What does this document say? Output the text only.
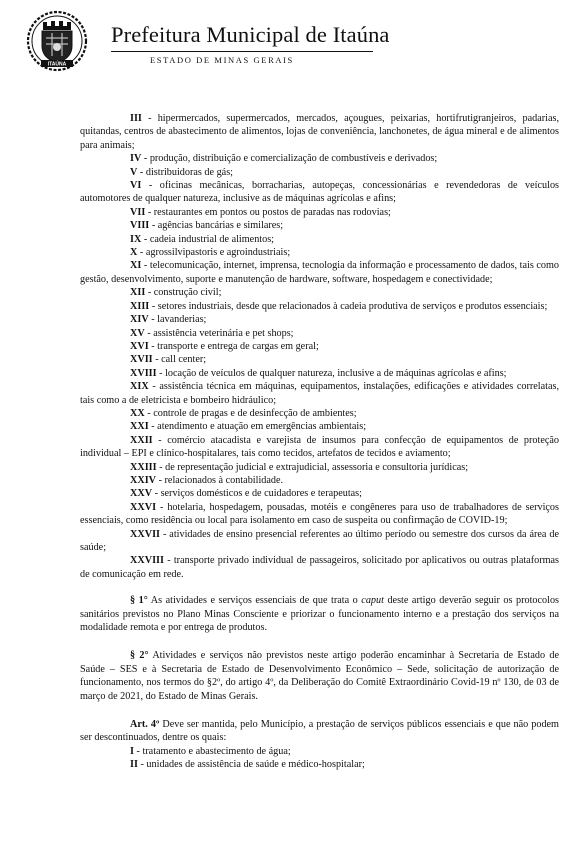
ITAÚNA
Prefeitura Municipal de Itaúna
ESTADO DE MINAS GERAIS

III - hipermercados, supermercados, mercados, açougues, peixarias, hortifrutigranjeiros, padarias, quitandas, centros de abastecimento de alimentos, lojas de conveniência, lanchonetes, de água mineral e de alimentos para animais;

IV - produção, distribuição e comercialização de combustíveis e derivados;

V - distribuidoras de gás;

VI - oficinas mecânicas, borracharias, autopeças, concessionárias e revendedoras de veículos automotores de qualquer natureza, inclusive as de máquinas agrícolas e afins;

VII - restaurantes em pontos ou postos de paradas nas rodovias;

VIII - agências bancárias e similares;

IX - cadeia industrial de alimentos;

X - agrossilvipastoris e agroindustriais;

XI - telecomunicação, internet, imprensa, tecnologia da informação e processamento de dados, tais como gestão, desenvolvimento, suporte e manutenção de hardware, software, hospedagem e conectividade;

XII - construção civil;

XIII - setores industriais, desde que relacionados à cadeia produtiva de serviços e produtos essenciais;

XIV - lavanderias;

XV - assistência veterinária e pet shops;

XVI - transporte e entrega de cargas em geral;

XVII - call center;

XVIII - locação de veículos de qualquer natureza, inclusive a de máquinas agrícolas e afins;

XIX - assistência técnica em máquinas, equipamentos, instalações, edificações e atividades correlatas, tais como a de eletricista e bombeiro hidráulico;

XX - controle de pragas e de desinfecção de ambientes;

XXI - atendimento e atuação em emergências ambientais;

XXII - comércio atacadista e varejista de insumos para confecção de equipamentos de proteção individual – EPI e clínico-hospitalares, tais como tecidos, artefatos de tecidos e aviamento;

XXIII - de representação judicial e extrajudicial, assessoria e consultoria jurídicas;

XXIV - relacionados à contabilidade.

XXV - serviços domésticos e de cuidadores e terapeutas;

XXVI - hotelaria, hospedagem, pousadas, motéis e congêneres para uso de trabalhadores de serviços essenciais, como residência ou local para isolamento em caso de suspeita ou confirmação de COVID-19;

XXVII - atividades de ensino presencial referentes ao último período ou semestre dos cursos da área de saúde;

XXVIII - transporte privado individual de passageiros, solicitado por aplicativos ou outras plataformas de comunicação em rede.

§ 1° As atividades e serviços essenciais de que trata o caput deste artigo deverão seguir os protocolos sanitários previstos no Plano Minas Consciente e priorizar o funcionamento interno e a prestação dos serviços na modalidade remota e por entrega de produtos.

§ 2° Atividades e serviços não previstos neste artigo poderão encaminhar à Secretaria de Estado de Saúde – SES e à Secretaria de Estado de Desenvolvimento Econômico – Sede, solicitação de autorização de funcionamento, nos termos do §2º, do artigo 4º, da Deliberação do Comitê Extraordinário Covid-19 nº 130, de 03 de março de 2021, do Estado de Minas Gerais.

Art. 4º Deve ser mantida, pelo Município, a prestação de serviços públicos essenciais e que não podem ser descontinuados, dentre os quais:

I - tratamento e abastecimento de água;

II - unidades de assistência de saúde e médico-hospitalar;
